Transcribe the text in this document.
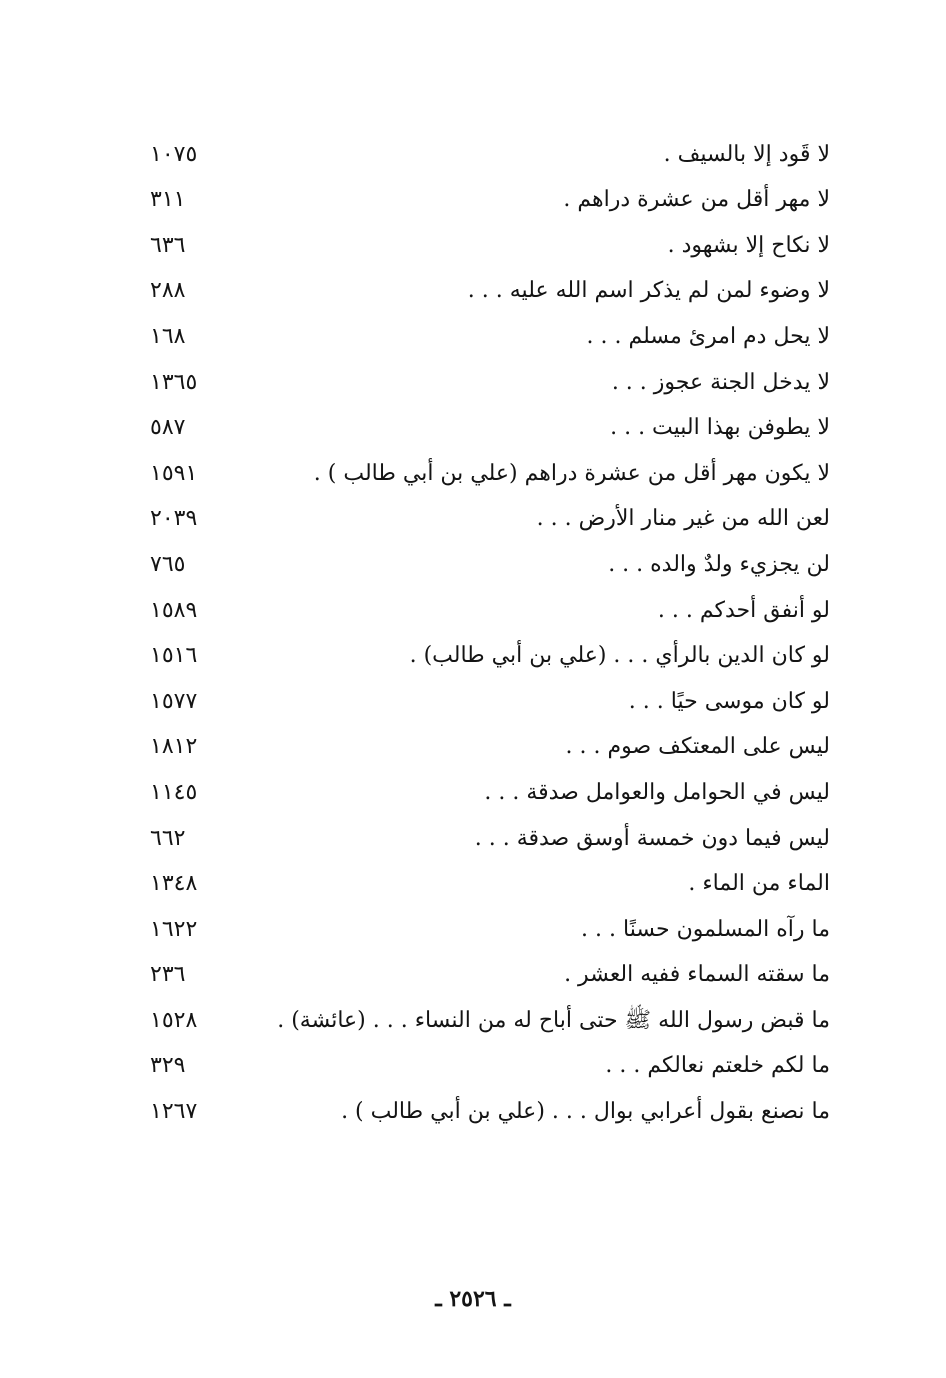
لا قَود إلا بالسيف .
١٠٧٥
لا مهر أقل من عشرة دراهم .
٣١١
لا نكاح إلا بشهود .
٦٣٦
لا وضوء لمن لم يذكر اسم الله عليه . . .
٢٨٨
لا يحل دم امرئ مسلم . . .
١٦٨
لا يدخل الجنة عجوز . . .
١٣٦٥
لا يطوفن بهذا البيت . . .
٥٨٧
لا يكون مهر أقل من عشرة دراهم (علي بن أبي طالب ) .
١٥٩١
لعن الله من غير منار الأرض . . .
٢٠٣٩
لن يجزيء ولدٌ والده . . .
٧٦٥
لو أنفق أحدكم . . .
١٥٨٩
لو كان الدين بالرأي . . . (علي بن أبي طالب) .
١٥١٦
لو كان موسى حيًا . . .
١٥٧٧
ليس على المعتكف صوم . . .
١٨١٢
ليس في الحوامل والعوامل صدقة . . .
١١٤٥
ليس فيما دون خمسة أوسق صدقة . . .
٦٦٢
الماء من الماء .
١٣٤٨
ما رآه المسلمون حسنًا . . .
١٦٢٢
ما سقته السماء ففيه العشر .
٢٣٦
ما قبض رسول الله ﷺ حتى أباح له من النساء . . . (عائشة) .
١٥٢٨
ما لكم خلعتم نعالكم . . .
٣٢٩
ما نصنع بقول أعرابي بوال . . . (علي بن أبي طالب ) .
١٢٦٧
ـ ٢٥٢٦ ـ
